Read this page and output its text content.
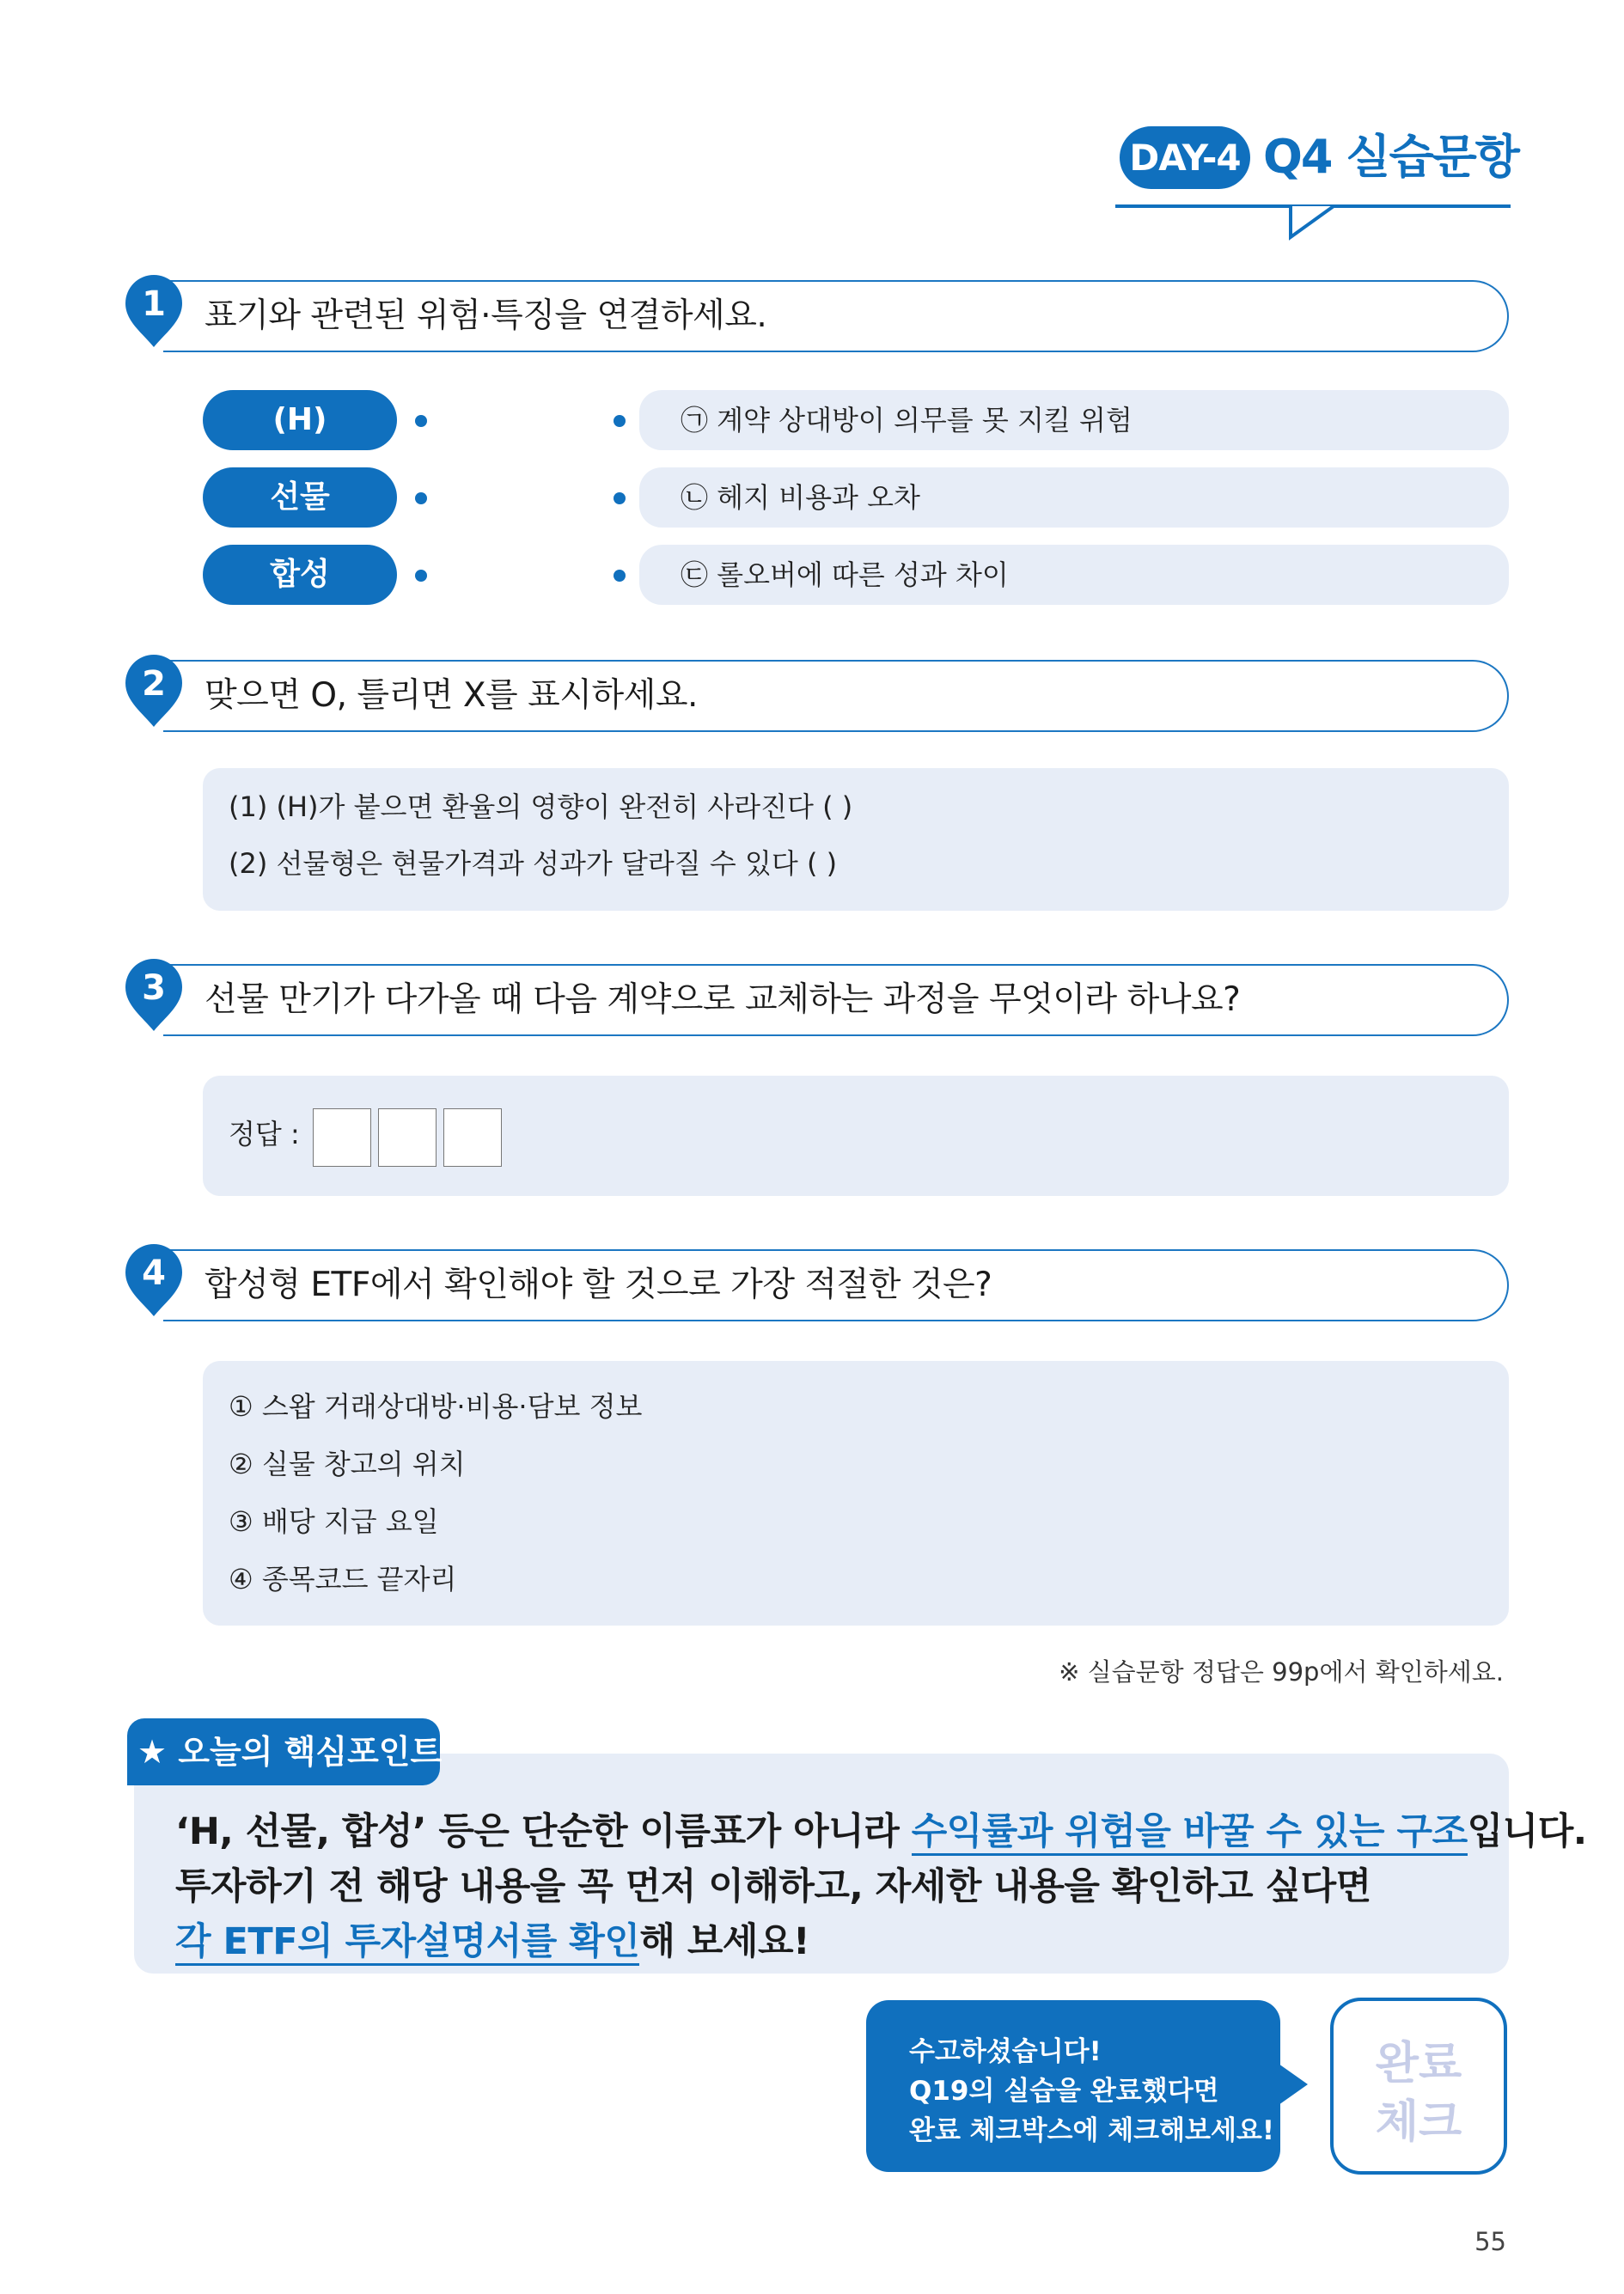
DAY-4 Q4 실습문항
표기와 관련된 위험·특징을 연결하세요.
1
(H)
선물
합성
㉠ 계약 상대방이 의무를 못 지킬 위험
㉡ 헤지 비용과 오차
㉢ 롤오버에 따른 성과 차이
맞으면 O, 틀리면 X를 표시하세요.
2
(1) (H)가 붙으면 환율의 영향이 완전히 사라진다 ( )
(2) 선물형은 현물가격과 성과가 달라질 수 있다 ( )
선물 만기가 다가올 때 다음 계약으로 교체하는 과정을 무엇이라 하나요?
3
정답 :
합성형 ETF에서 확인해야 할 것으로 가장 적절한 것은?
4
① 스왑 거래상대방·비용·담보 정보
② 실물 창고의 위치
③ 배당 지급 요일
④ 종목코드 끝자리
※ 실습문항 정답은 99p에서 확인하세요.
★ 오늘의 핵심포인트
‘H, 선물, 합성’ 등은 단순한 이름표가 아니라 수익률과 위험을 바꿀 수 있는 구조입니다.
투자하기 전 해당 내용을 꼭 먼저 이해하고, 자세한 내용을 확인하고 싶다면
각 ETF의 투자설명서를 확인해 보세요!
수고하셨습니다!
Q19의 실습을 완료했다면
완료 체크박스에 체크해보세요!
완료
체크
55
